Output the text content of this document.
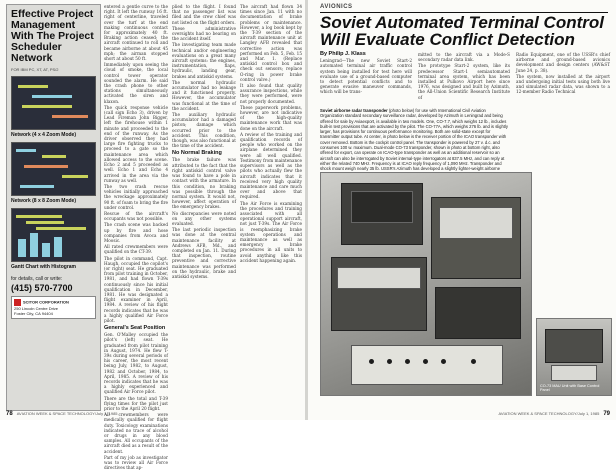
Effective Project Management With The Project Scheduler Network
FOR IBM PC, XT, AT, PS/2
Network (4 x 4 Zoom Mode)
Network (8 x 8 Zoom Mode)
Gantt Chart with Histogram
for details, call or write:
(415) 570-7700
SCITOR CORPORATION
250 Lincoln Centre Drive
Foster City, CA 94404

entered a gentle curve to the right. It left the runway 16 ft. right of centerline, traveled over the turf at the end making continuous contact for approximately 40 ft. Braking action ceased; the aircraft continued to roll and became airborne at about 45 mph; the airman stopped short at about 50 ft.

Immediately upon seeing the cloud of smoke, the local control tower operator sounded the alarm. He said the crash phone to other stations simultaneously activated the siren and klaxon.

The quick response vehicle (call sign Echo 3), driven by Lead Fireman John Bigger, left the firehouse within 1 minute and proceeded to the end of the runway. As the driver observed they had large fire fighting trucks to proceed to a gate so the maintenance area which allowed access to the scene. Echo 2 and 5 proceeded as well. Echo 1 and Echo 4 arrived in the area via the runway as well.

The two crash rescue vehicles initially approached the wreckage approximately 90 ft. of foam to bring the fire under control.

Rescue of the aircraft's occupants was not possible.

The crash scene was backed up by fire and hose companies from Avoca and Moosic.

All rated crewmembers were qualified on the CT-39.

The pilot in command, Capt. Haugh, occupied the copilot's (or right) seat. He graduated from pilot training in October, 1981, and had flown T-39s continuously since his initial qualification in December, 1981. He was designated a flight examiner in April, 1984. A review of his flight records indicates that he was a highly qualified Air Force pilot.

General's Seat Position

Gen. O'Malley occupied the pilot's (left) seat. He graduated from pilot training in August, 1974. He flew T-39s during several periods of his career, the most recent being July, 1982, to August, 1982 and October, 1984, to April, 1985. A review of his records indicates that he was a highly experienced and qualified Air Force pilot.

There are the total and T-39 flying times for the pilot just prior to the April 20 flight.

All crewmembers were medically qualified for flight duty. Toxicology examinations indicated no trace of alcohol or drugs in any blood samples. All occupants of the aircraft died as a result of the accident.

Part of my job as investigator was to review all Air Force directives that ap-

plied to the flight. I found that no passenger list was filed and the crew chief was not listed on the flight orders.

These administrative oversights had no bearing on the accident itself.

The investigating team made technical and/or engineering evaluations on a great many aircraft systems: the engines, instrumentation, flaps, hydraulic, landing gear, brakes and antiskid systems.

The normal hydraulic accumulator had no leakage and it functioned properly. However, the accumulator was functional at the time of the accident.

The auxiliary hydraulic accumulator had a damaged piston; damage which occurred prior to the accident. This condition, though, was also functional at the time of the accident.

No Normal Braking

The brake failure was attributed to the fact that the right antiskid control valve was found to have a pole in contact with the armature. In this condition, no braking was possible through the normal system. It would not, however, affect operation of the emergency brakes.

No discrepancies were noted on any other systems evaluated.

The last periodic inspection was done at the central maintenance facility at Andrews AFB, Md., and completed on Jan. 11. During that inspection, routine preventive and corrective maintenance was performed on the hydraulic, brake and antiskid systems.

The aircraft had flown 34 times since Jan. 11 with no documentation of brake problems or maintenance. However, a log book kept by the T-39 section of the aircraft maintenance unit at Langley AFB revealed that corrective action was performed on Feb. 5, Feb. 15 and Mar. 1. (Replace antiskid control box and check out sensors; replace O-ring in power brake control valve.)

It also found that quality assurance inspections, while they were performed, were not properly documented.

These paperwork problems, however, are not indicative of the high-quality maintenance work that was done on the aircraft.

A review of the training and qualification records of people who worked on the airplane determined they were all well qualified. Testimony from maintenance supervisors as well as the pilots who actually flew the aircraft indicates that it received very high quality maintenance and care much over and above that required.

The Air Force is examining the procedures and training associated with all operational support aircraft, not just T-39s. The Air Force is reemphasizing brake system operations and maintenance as well as emergency brake procedures in all units to avoid anything like this accident happening again.

78 AVIATION WEEK & SPACE TECHNOLOGY/July 1, 1985
AVIONICS
Soviet Automated Terminal Control Will Evaluate Conflict Detection
By Philip J. Klass

Leningrad—The new Soviet Start-2 automated terminal air traffic control system being installed for test here will evaluate use of a ground-based computer to detect potential conflicts and to generate evasive maneuver commands, which will be trans-

mitted to the aircraft via a Mode-S secondary radar data link.

The prototype Start-2 system, like its predecessor Start-1 semiautomated terminal area system, which has been installed at Pulkovo Airport here since 1976, was designed and built by Azimuth, the All-Union Scientific Research Institute of

Radio Equipment, one of the USSR's chief airborne and ground-based avionics development and design centers (AW&ST June 24, p. 38).

The system, now installed at the airport and undergoing initial tests using both live and simulated radar data, was shown to a 12-member Radio Technical

Soviet airborne radar transponder (photo below) for use with International Civil Aviation Organization standard secondary surveillance radar, developed by Azimuth in Leningrad and being offered for sale by Aviaexport, is available in two models. One, CO-7.7, which weighs 12 lb., includes built-in test provisions that are activated by the pilot. The CO-77A, which weighs 276 lb. and is slightly larger, has provisions for continuous performance monitoring. Both are solid-state except for transmitter output tube. At center, in photo below is the receiver portion of the ICAO transponder with cover removed. Bottom is the cockpit control panel. The transponder is powered by 27 v. d.c. and consumes 100 w. maximum. Dual-mode CO-73 transponder, shown in photo at bottom right, also offered for export, can operate on ICAO-type transponder as well as an additional reservoir so an aircraft can also be interrogated by Soviet internal-type interrogators at 837.5 MHz, and can reply at either the related 740 MHz. Frequency is at ICAO reply frequency of 1,090 MHz. Transponder and shock mount weigh nearly 35 lb. USSR's Azimuth has developed a slightly lighter-weight airborne
CO-73 MAU Unit with Base Control Panel
AVIATION WEEK & SPACE TECHNOLOGY/July 1, 1985 79
